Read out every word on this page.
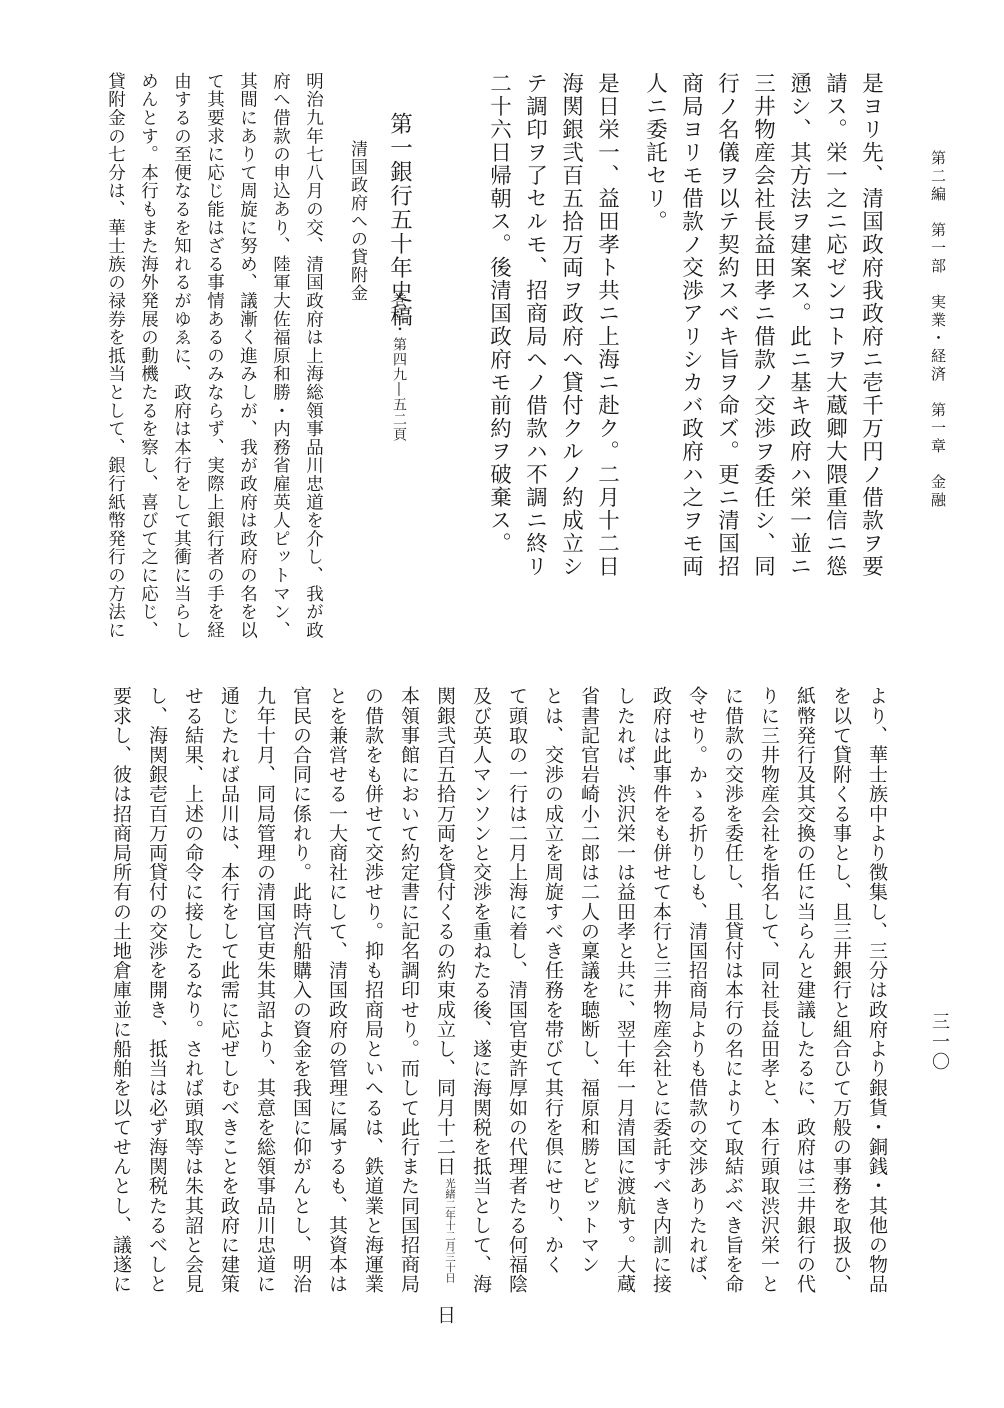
第二編　第一部　実業・経済　第一章　金融
三一〇
是ヨリ先、清国政府我政府ニ壱千万円ノ借款ヲ要
請ス。栄一之ニ応ゼンコトヲ大蔵卿大隈重信ニ慫
慂シ、其方法ヲ建案ス。此ニ基キ政府ハ栄一並ニ
三井物産会社長益田孝ニ借款ノ交渉ヲ委任シ、同
行ノ名儀ヲ以テ契約スベキ旨ヲ命ズ。更ニ清国招
商局ヨリモ借款ノ交渉アリシカバ政府ハ之ヲモ両
人ニ委託セリ。
是日栄一、益田孝ト共ニ上海ニ赴ク。二月十二日
海関銀弐百五拾万両ヲ政府ヘ貸付クルノ約成立シ
テ調印ヲ了セルモ、招商局ヘノ借款ハ不調ニ終リ
二十六日帰朝ス。後清国政府モ前約ヲ破棄ス。
第一銀行五十年史稿
巻三・第四九―五二頁
清国政府への貸附金
明治九年七八月の交、清国政府は上海総領事品川忠道を介し、我が政
府へ借款の申込あり、陸軍大佐福原和勝・内務省雇英人ピットマン、
其間にありて周旋に努め、議漸く進みしが、我が政府は政府の名を以
て其要求に応じ能はざる事情あるのみならず、実際上銀行者の手を経
由するの至便なるを知れるがゆゑに、政府は本行をして其衝に当らし
めんとす。本行もまた海外発展の動機たるを察し、喜びて之に応じ、
貸附金の七分は、華士族の禄券を抵当として、銀行紙幣発行の方法に
より、華士族中より徴集し、三分は政府より銀貨・銅銭・其他の物品
を以て貸附くる事とし、且三井銀行と組合ひて万般の事務を取扱ひ、
紙幣発行及其交換の任に当らんと建議したるに、政府は三井銀行の代
りに三井物産会社を指名して、同社長益田孝と、本行頭取渋沢栄一と
に借款の交渉を委任し、且貸付は本行の名によりて取結ぶべき旨を命
令せり。かゝる折りしも、清国招商局よりも借款の交渉ありたれば、
政府は此事件をも併せて本行と三井物産会社とに委託すべき内訓に接
したれば、渋沢栄一は益田孝と共に、翌十年一月清国に渡航す。大蔵
省書記官岩崎小二郎は二人の稟議を聴断し、福原和勝とピットマン
とは、交渉の成立を周旋すべき任務を帯びて其行を倶にせり、かく
て頭取の一行は二月上海に着し、清国官吏許厚如の代理者たる何福陰
及び英人マンソンと交渉を重ねたる後、遂に海関税を抵当として、海
関銀弐百五拾万両を貸付くるの約束成立し、同月十二日光緒二年十二月三十日　日
本領事館において約定書に記名調印せり。而して此行また同国招商局
の借款をも併せて交渉せり。抑も招商局といへるは、鉄道業と海運業
とを兼営せる一大商社にして、清国政府の管理に属するも、其資本は
官民の合同に係れり。此時汽船購入の資金を我国に仰がんとし、明治
九年十月、同局管理の清国官吏朱其詔より、其意を総領事品川忠道に
通じたれば品川は、本行をして此需に応ぜしむべきことを政府に建策
せる結果、上述の命令に接したるなり。されば頭取等は朱其詔と会見
し、海関銀壱百万両貸付の交渉を開き、抵当は必ず海関税たるべしと
要求し、彼は招商局所有の土地倉庫並に船舶を以てせんとし、議遂に
